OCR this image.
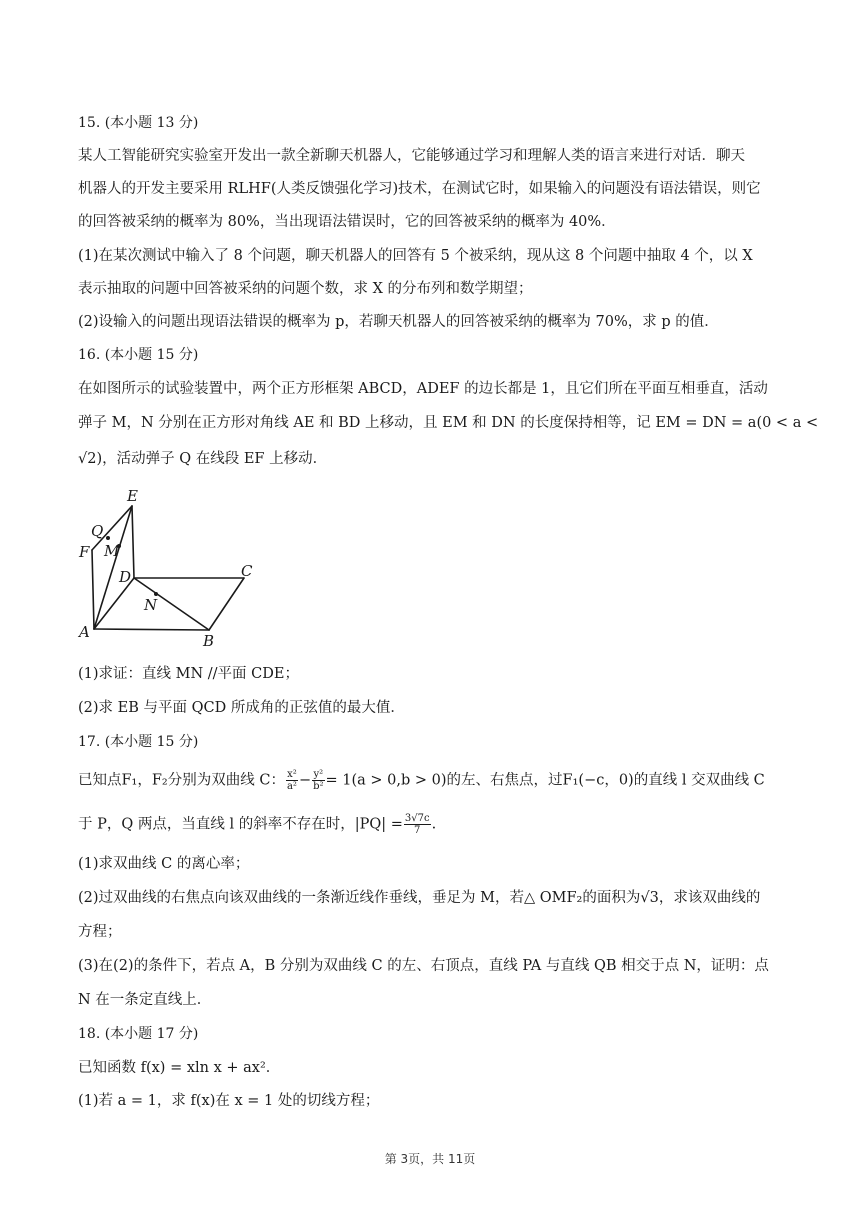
15. (本小题 13 分)
某人工智能研究实验室开发出一款全新聊天机器人，它能够通过学习和理解人类的语言来进行对话．聊天
机器人的开发主要采用 RLHF(人类反馈强化学习)技术，在测试它时，如果输入的问题没有语法错误，则它
的回答被采纳的概率为 80%，当出现语法错误时，它的回答被采纳的概率为 40%．
(1)在某次测试中输入了 8 个问题，聊天机器人的回答有 5 个被采纳，现从这 8 个问题中抽取 4 个，以 X
表示抽取的问题中回答被采纳的问题个数，求 X 的分布列和数学期望；
(2)设输入的问题出现语法错误的概率为 p，若聊天机器人的回答被采纳的概率为 70%，求 p 的值．
16. (本小题 15 分)
在如图所示的试验装置中，两个正方形框架 ABCD，ADEF 的边长都是 1，且它们所在平面互相垂直，活动
弹子 M，N 分别在正方形对角线 AE 和 BD 上移动，且 EM 和 DN 的长度保持相等，记 EM = DN = a(0 < a <
√2)，活动弹子 Q 在线段 EF 上移动．
E
Q
M
F
D	C
N
A	B
(1)求证：直线 MN //平面 CDE；
(2)求 EB 与平面 QCD 所成角的正弦值的最大值．
17. (本小题 15 分)
已知点F₁，F₂分别为双曲线 C： $\frac{\text{x²}}{\text{a²}} - \frac{\text{y²}}{\text{b²}} = 1(a > 0,b > 0)$的左、右焦点，过F₁(−c，0)的直线 l 交双曲线 C
于 P，Q 两点，当直线 l 的斜率不存在时，$|PQ| = \frac{3√7c}{7}$ .
(1)求双曲线 C 的离心率；
(2)过双曲线的右焦点向该双曲线的一条渐近线作垂线，垂足为 M，若△ OMF₂的面积为√3，求该双曲线的
方程；
(3)在(2)的条件下，若点 A，B 分别为双曲线 C 的左、右顶点，直线 PA 与直线 QB 相交于点 N，证明：点
N 在一条定直线上．
18. (本小题 17 分)
已知函数 f(x) = xln x + ax²．
(1)若 a = 1，求 f(x)在 x = 1 处的切线方程；
第 3页，共 11页
